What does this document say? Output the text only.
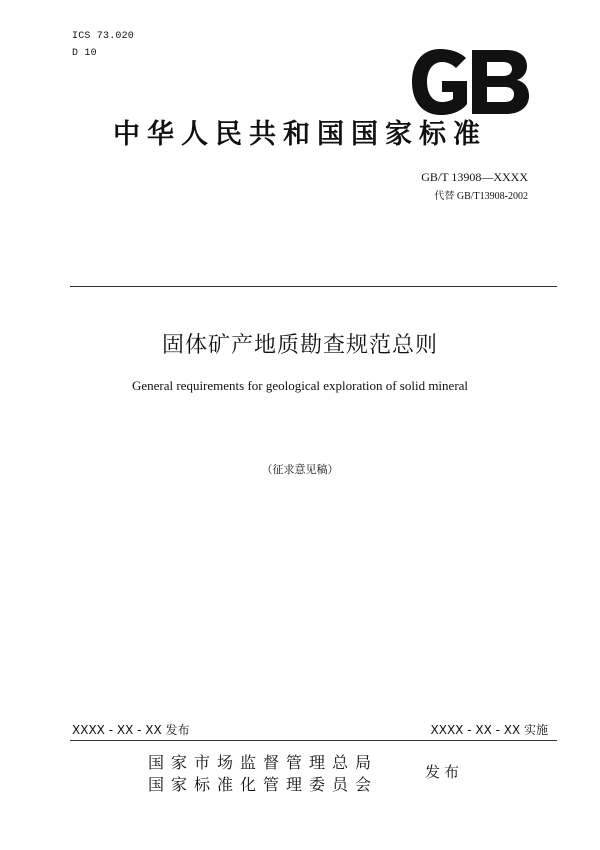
ICS 73.020
D 10
中华人民共和国国家标准
GB/T 13908—XXXX
代替 GB/T13908-2002
固体矿产地质勘查规范总则
General requirements for geological exploration of solid mineral
（征求意见稿）
XXXX - XX - XX 发布	XXXX - XX - XX 实施
国家市场监督管理总局
国家标准化管理委员会
发布
